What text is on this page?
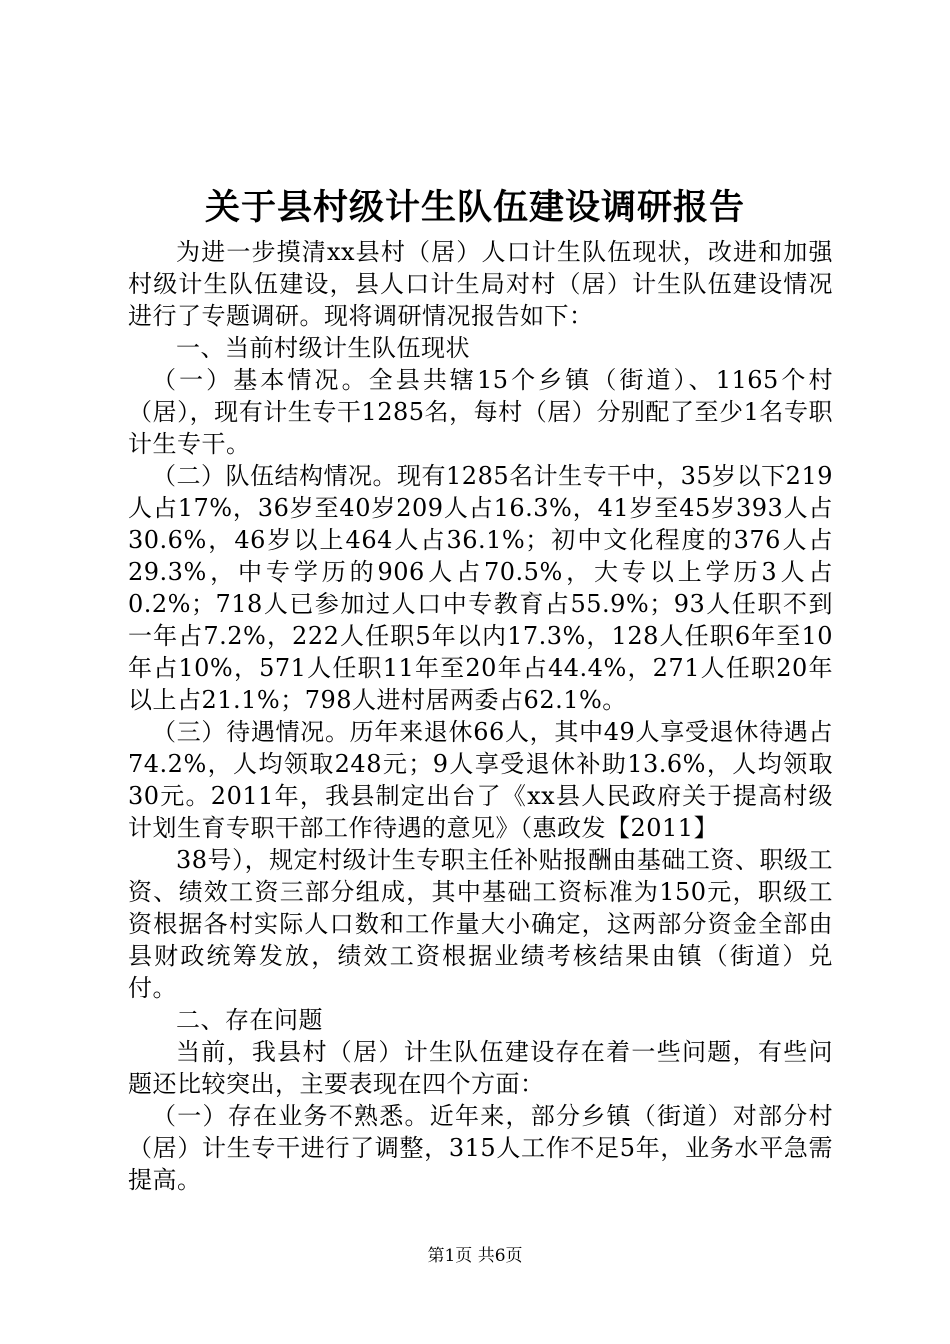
关于县村级计生队伍建设调研报告

为进一步摸清xx县村（居）人口计生队伍现状，改进和加强村级计生队伍建设，县人口计生局对村（居）计生队伍建设情况进行了专题调研。现将调研情况报告如下：

一、当前村级计生队伍现状

（一）基本情况。全县共辖15个乡镇（街道）、1165个村（居），现有计生专干1285名，每村（居）分别配了至少1名专职计生专干。

（二）队伍结构情况。现有1285名计生专干中，35岁以下219人占17%，36岁至40岁209人占16.3%，41岁至45岁393人占30.6%，46岁以上464人占36.1%；初中文化程度的376人占29.3%，中专学历的906人占70.5%，大专以上学历3人占0.2%；718人已参加过人口中专教育占55.9%；93人任职不到一年占7.2%，222人任职5年以内17.3%，128人任职6年至10年占10%，571人任职11年至20年占44.4%，271人任职20年以上占21.1%；798人进村居两委占62.1%。

（三）待遇情况。历年来退休66人，其中49人享受退休待遇占74.2%，人均领取248元；9人享受退休补助13.6%，人均领取30元。2011年，我县制定出台了《xx县人民政府关于提高村级计划生育专职干部工作待遇的意见》（惠政发【2011】

38号），规定村级计生专职主任补贴报酬由基础工资、职级工资、绩效工资三部分组成，其中基础工资标准为150元，职级工资根据各村实际人口数和工作量大小确定，这两部分资金全部由县财政统筹发放，绩效工资根据业绩考核结果由镇（街道）兑付。

二、存在问题

当前，我县村（居）计生队伍建设存在着一些问题，有些问题还比较突出，主要表现在四个方面：

（一）存在业务不熟悉。近年来，部分乡镇（街道）对部分村（居）计生专干进行了调整，315人工作不足5年，业务水平急需提高。

第1页 共6页
